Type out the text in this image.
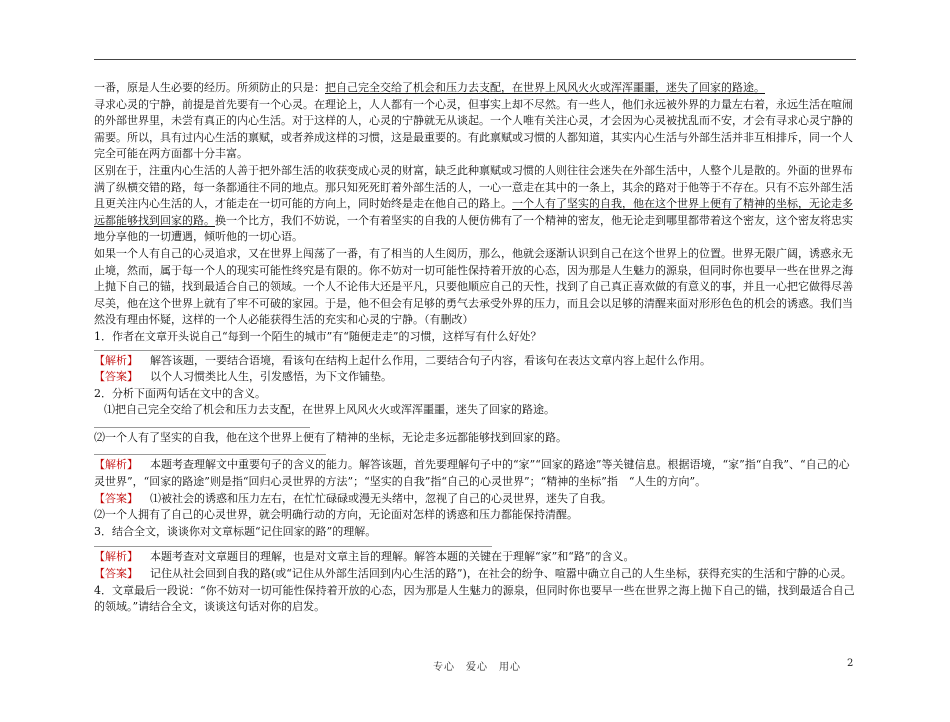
一番，原是人生必要的经历。所须防止的只是：把自己完全交给了机会和压力去支配，在世界上风风火火或浑浑噩噩，迷失了回家的路途。

寻求心灵的宁静，前提是首先要有一个心灵。在理论上，人人都有一个心灵，但事实上却不尽然。有一些人，他们永远被外界的力量左右着，永远生活在喧闹的外部世界里，未尝有真正的内心生活。对于这样的人，心灵的宁静就无从谈起。一个人唯有关注心灵，才会因为心灵被扰乱而不安，才会有寻求心灵宁静的需要。所以，具有过内心生活的禀赋，或者养成这样的习惯，这是最重要的。有此禀赋或习惯的人都知道，其实内心生活与外部生活并非互相排斥，同一个人完全可能在两方面都十分丰富。

区别在于，注重内心生活的人善于把外部生活的收获变成心灵的财富，缺乏此种禀赋或习惯的人则往往会迷失在外部生活中，人整个儿是散的。外面的世界布满了纵横交错的路，每一条都通往不同的地点。那只知死死盯着外部生活的人，一心一意走在其中的一条上，其余的路对于他等于不存在。只有不忘外部生活且更关注内心生活的人，才能走在一切可能的方向上，同时始终是走在他自己的路上。一个人有了坚实的自我，他在这个世界上便有了精神的坐标，无论走多远都能够找到回家的路。换一个比方，我们不妨说，一个有着坚实的自我的人便仿佛有了一个精神的密友，他无论走到哪里都带着这个密友，这个密友将忠实地分享他的一切遭遇，倾听他的一切心语。

如果一个人有自己的心灵追求，又在世界上闯荡了一番，有了相当的人生阅历，那么，他就会逐渐认识到自己在这个世界上的位置。世界无限广阔，诱惑永无止境，然而，属于每一个人的现实可能性终究是有限的。你不妨对一切可能性保持着开放的心态，因为那是人生魅力的源泉，但同时你也要早一些在世界之海上抛下自己的锚，找到最适合自己的领域。一个人不论伟大还是平凡，只要他顺应自己的天性，找到了自己真正喜欢做的有意义的事，并且一心把它做得尽善尽美，他在这个世界上就有了牢不可破的家园。于是，他不但会有足够的勇气去承受外界的压力，而且会以足够的清醒来面对形形色色的机会的诱惑。我们当然没有理由怀疑，这样的一个人必能获得生活的充实和心灵的宁静。（有删改）

1．作者在文章开头说自己“每到一个陌生的城市”有“随便走走”的习惯，这样写有什么好处？

【解析】 解答该题，一要结合语境，看该句在结构上起什么作用，二要结合句子内容，看该句在表达文章内容上起什么作用。

【答案】 以个人习惯类比人生，引发感悟，为下文作铺垫。

2．分析下面两句话在文中的含义。

⑴把自己完全交给了机会和压力去支配，在世界上风风火火或浑浑噩噩，迷失了回家的路途。

⑵一个人有了坚实的自我，他在这个世界上便有了精神的坐标，无论走多远都能够找到回家的路。

【解析】 本题考查理解文中重要句子的含义的能力。解答该题，首先要理解句子中的“家”“回家的路途”等关键信息。根据语境，“家”指“自我”、“自己的心灵世界”，“回家的路途”则是指“回归心灵世界的方法”；“坚实的自我”指“自己的心灵世界”；“精神的坐标”指　“人生的方向”。

【答案】 ⑴被社会的诱惑和压力左右，在忙忙碌碌或漫无头绪中，忽视了自己的心灵世界，迷失了自我。

⑵一个人拥有了自己的心灵世界，就会明确行动的方向，无论面对怎样的诱惑和压力都能保持清醒。

3．结合全文，谈谈你对文章标题“记住回家的路”的理解。

【解析】 本题考查对文章题目的理解，也是对文章主旨的理解。解答本题的关键在于理解“家”和“路”的含义。

【答案】 记住从社会回到自我的路(或“记住从外部生活回到内心生活的路”)，在社会的纷争、喧嚣中确立自己的人生坐标，获得充实的生活和宁静的心灵。

4．文章最后一段说：“你不妨对一切可能性保持着开放的心态，因为那是人生魅力的源泉，但同时你也要早一些在世界之海上抛下自己的锚，找到最适合自己的领域。”请结合全文，谈谈这句话对你的启发。

专心　爱心　用心	2
